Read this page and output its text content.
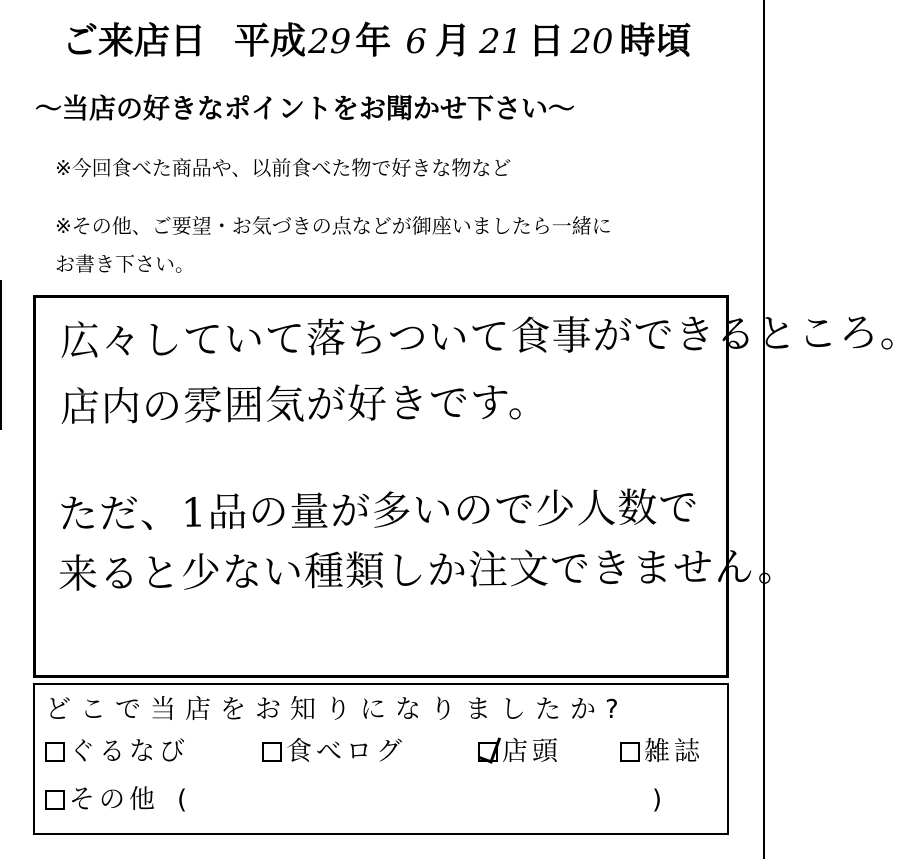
ご来店日 平成 29 年 6 月 21 日 20 時頃
〜当店の好きなポイントをお聞かせ下さい〜
※今回食べた商品や、以前食べた物で好きな物など
※その他、ご要望・お気づきの点などが御座いましたら一緒に
お書き下さい。
広々していて落ちついて食事ができるところ。
店内の雰囲気が好きです。
ただ、1品の量が多いので少人数で
来ると少ない種類しか注文できません。
どこで当店をお知りになりましたか?
ぐるなび	食べログ	店頭	雑誌
その他 (	)
